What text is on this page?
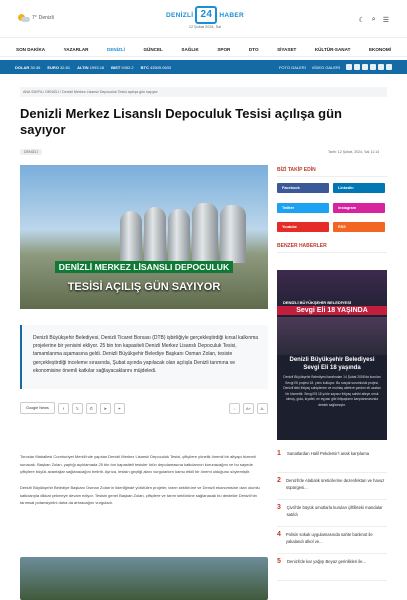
7° Denizli	DENİZLİ 24	HABER
12 Şubat 2024, Sal
☾ ⌕ ☰
SON DAKİKA	YAZARLAR	DENİZLİ	GÜNCEL	SAĞLIK	SPOR	DTO	SİYASET	KÜLTÜR-SANAT	EKONOMİ
DOLAR 30.36 EURO 32.81 ALTIN 1993.18 BIST 9452.2 BTC 43509.0633	FOTO GALERİ VİDEO GALERİ
ANA SAYFA / DENİZLİ / Denizli Merkez Lisanslı Depoculuk Tesisi açılışa gün sayıyor
Denizli Merkez Lisanslı Depoculuk Tesisi açılışa gün sayıyor
DENİZLİ	Tarih: 12 Şubat, 2024, Sal 11:14
DENİZLİ MERKEZ LİSANSLI DEPOCULUK
TESİSİ AÇILIŞ GÜN SAYIYOR
Denizli Büyükşehir Belediyesi, Denizli Ticaret Borsası (DTB) işbirliğiyle gerçekleştirdiği kırsal kalkınma projelerine bir yenisini ekliyor. 25 bin ton kapasiteli Denizli Merkez Lisanslı Depoculuk Tesisi, tamamlanma aşamasına geldi. Denizli Büyükşehir Belediye Başkanı Osman Zolan, tesiste gerçekleştirdiği inceleme sırasında, Şubat ayında yapılacak olan açılışla Denizli tarımına ve ekonomisine önemli katkılar sağlayacaklarını müjdeledi.
Google News	f	𝕏	✆	➤	⚭	◌	A+	A-
Toroslar Mahallesi Cumhuriyet Merkli'nde yapılan Denizli Merkez Lisanslı Depoculuk Tesisi, çiftçilere yönelik önemli bir altyapı hizmeti sunacak. Başkan Zolan, yaptığı açıklamada 25 bin ton kapasiteli tesisler ürün depolamasına katkılarının korunacağını ve bu sayede çiftçilere büyük avantajlar sağlanacağını belirtti. Ayrıca, tesisin geçtiği alanı vurgularken kamu etkili bir önemi olduğunu söylemiştir.
Denizli Büyükşehir Belediye Başkanı Osman Zolan'ın liderliğinde yürütülen projeler, tarım sektörüne ve Denizli ekonomisine olan olumlu katkılarıyla dikkat çekmeye devam ediyor. Tesisin genel Başkan Zolan, çiftçilere ve tarım sektörüne sağlanacak bu destekle Denizli'nin tarımsal potansiyelini daha da artıracağını vurguladı.
BİZİ TAKİP EDİN
Facebook	LinkedIn
Twitter	instagram
Youtube	RSS
BENZER HABERLER
DENİZLİ BÜYÜKŞEHİR BELEDİYESİ
Sevgi Eli 18 YAŞINDA
Denizli Büyükşehir Belediyesi Sevgi Eli 18 yaşında
Denizli Büyükşehir Belediyesi tarafından 14 Şubat 2006'da kurulan Sevgi Eli projesi 18. yılını kutluyor. Bu sosyal sorumluluk projesi, Denizli'deki ihtiyaç sahiplerine ve muhtaç ailelere yardım eli uzatan bir hizmettir. Sevgi Eli 18 yıldır sayısız ihtiyaç sahibi aileye umut olmuş, gıda, kıyafet, ev eşyası gibi ihtiyaçların karşılanmasında destek sağlamıştır.
1	Sanatlardan Halil Pekdemir'i anak karşılama
2 Denizli'de Alabalık üreticilerine dezenfektan ve havuz süpürgesi...
3	Çivril'de büyük umutlarla kurulan çiftlikteki mandalar satıldı
4 Polisin sokak uygulamasında sahte banknot ile yakalandı alkol ve...
5	Denizli'de kar yağışı Beyaz gerinlikleri ile...
